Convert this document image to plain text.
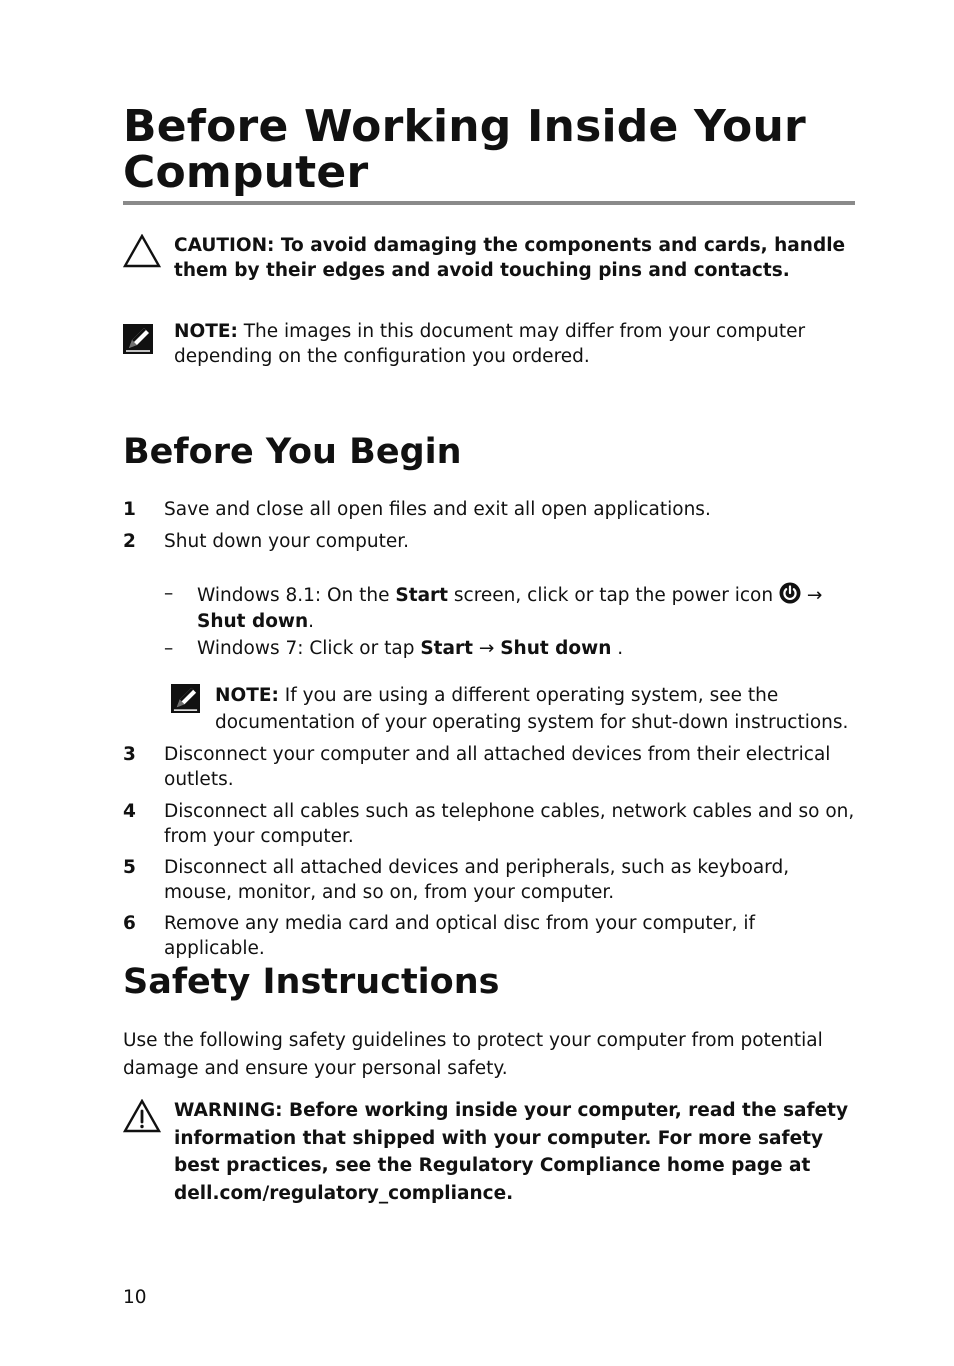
Before Working Inside Your Computer
CAUTION: To avoid damaging the components and cards, handle them by their edges and avoid touching pins and contacts.
NOTE: The images in this document may differ from your computer depending on the configuration you ordered.
Before You Begin
1 Save and close all open files and exit all open applications.
2 Shut down your computer.
– Windows 8.1: On the Start screen, click or tap the power icon  →
Shut down.
– Windows 7: Click or tap Start → Shut down .
NOTE: If you are using a different operating system, see the documentation of your operating system for shut-down instructions.
3 Disconnect your computer and all attached devices from their electrical outlets.
4 Disconnect all cables such as telephone cables, network cables and so on, from your computer.
5 Disconnect all attached devices and peripherals, such as keyboard, mouse, monitor, and so on, from your computer.
6 Remove any media card and optical disc from your computer, if applicable.
Safety Instructions
Use the following safety guidelines to protect your computer from potential damage and ensure your personal safety.
WARNING: Before working inside your computer, read the safety information that shipped with your computer. For more safety best practices, see the Regulatory Compliance home page at dell.com/regulatory_compliance.
10
